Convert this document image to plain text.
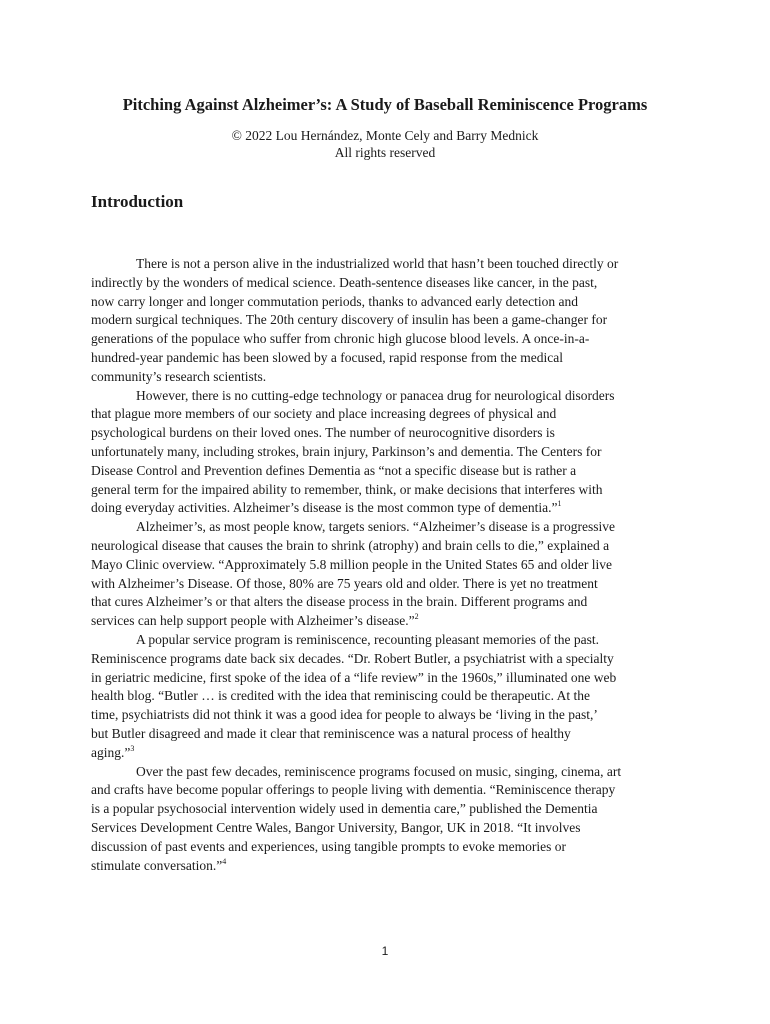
Pitching Against Alzheimer’s: A Study of Baseball Reminiscence Programs
© 2022 Lou Hernández, Monte Cely and Barry Mednick
All rights reserved
Introduction
There is not a person alive in the industrialized world that hasn’t been touched directly or
indirectly by the wonders of medical science. Death-sentence diseases like cancer, in the past,
now carry longer and longer commutation periods, thanks to advanced early detection and
modern surgical techniques. The 20th century discovery of insulin has been a game-changer for
generations of the populace who suffer from chronic high glucose blood levels. A once-in-a-
hundred-year pandemic has been slowed by a focused, rapid response from the medical
community’s research scientists.
However, there is no cutting-edge technology or panacea drug for neurological disorders
that plague more members of our society and place increasing degrees of physical and
psychological burdens on their loved ones. The number of neurocognitive disorders is
unfortunately many, including strokes, brain injury, Parkinson’s and dementia. The Centers for
Disease Control and Prevention defines Dementia as “not a specific disease but is rather a
general term for the impaired ability to remember, think, or make decisions that interferes with
doing everyday activities. Alzheimer’s disease is the most common type of dementia.”$^1$
Alzheimer’s, as most people know, targets seniors. “Alzheimer’s disease is a progressive
neurological disease that causes the brain to shrink (atrophy) and brain cells to die,” explained a
Mayo Clinic overview. “Approximately 5.8 million people in the United States 65 and older live
with Alzheimer’s Disease. Of those, 80% are 75 years old and older. There is yet no treatment
that cures Alzheimer’s or that alters the disease process in the brain. Different programs and
services can help support people with Alzheimer’s disease.”$^2$
A popular service program is reminiscence, recounting pleasant memories of the past.
Reminiscence programs date back six decades. “Dr. Robert Butler, a psychiatrist with a specialty
in geriatric medicine, first spoke of the idea of a “life review” in the 1960s,” illuminated one web
health blog. “Butler … is credited with the idea that reminiscing could be therapeutic. At the
time, psychiatrists did not think it was a good idea for people to always be ‘living in the past,’
but Butler disagreed and made it clear that reminiscence was a natural process of healthy
aging.”$^3$
Over the past few decades, reminiscence programs focused on music, singing, cinema, art
and crafts have become popular offerings to people living with dementia. “Reminiscence therapy
is a popular psychosocial intervention widely used in dementia care,” published the Dementia
Services Development Centre Wales, Bangor University, Bangor, UK in 2018. “It involves
discussion of past events and experiences, using tangible prompts to evoke memories or
stimulate conversation.”$^4$
1
